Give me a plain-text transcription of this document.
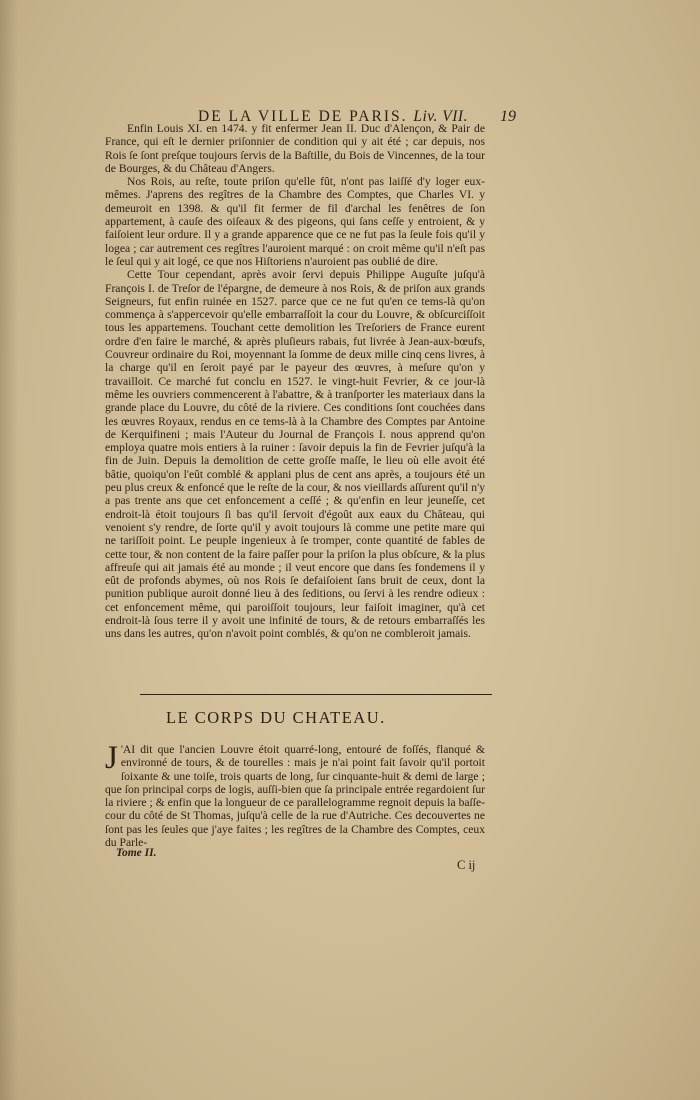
DE LA VILLE DE PARIS. Liv. VII.	19

Enfin Louis XI. en 1474. y fit enfermer Jean II. Duc d'Alençon, & Pair de France, qui eſt le dernier priſonnier de condition qui y ait été ; car depuis, nos Rois ſe ſont preſque toujours ſervis de la Baſtille, du Bois de Vincennes, de la tour de Bourges, & du Château d'Angers.

Nos Rois, au reſte, toute priſon qu'elle fût, n'ont pas laiſſé d'y loger eux-mêmes. J'aprens des regîtres de la Chambre des Comptes, que Charles VI. y demeuroit en 1398. & qu'il fit fermer de fil d'archal les fenêtres de ſon appartement, à cauſe des oiſeaux & des pigeons, qui ſans ceſſe y entroient, & y faiſoient leur ordure. Il y a grande apparence que ce ne fut pas la ſeule fois qu'il y logea ; car autrement ces regîtres l'auroient marqué : on croit même qu'il n'eſt pas le ſeul qui y ait logé, ce que nos Hiſtoriens n'auroient pas oublié de dire.

Cette Tour cependant, après avoir ſervi depuis Philippe Auguſte juſqu'à François I. de Treſor de l'épargne, de demeure à nos Rois, & de priſon aux grands Seigneurs, fut enfin ruinée en 1527. parce que ce ne fut qu'en ce tems-là qu'on commença à s'appercevoir qu'elle embarraſſoit la cour du Louvre, & obſcurciſſoit tous les appartemens. Touchant cette demolition les Treſoriers de France eurent ordre d'en faire le marché, & après pluſieurs rabais, fut livrée à Jean-aux-bœufs, Couvreur ordinaire du Roi, moyennant la ſomme de deux mille cinq cens livres, à la charge qu'il en ſeroit payé par le payeur des œuvres, à meſure qu'on y travailloit. Ce marché fut conclu en 1527. le vingt-huit Fevrier, & ce jour-là même les ouvriers commencerent à l'abattre, & à tranſporter les materiaux dans la grande place du Louvre, du côté de la riviere. Ces conditions ſont couchées dans les œuvres Royaux, rendus en ce tems-là à la Chambre des Comptes par Antoine de Kerquifineni ; mais l'Auteur du Journal de François I. nous apprend qu'on employa quatre mois entiers à la ruiner : ſavoir depuis la fin de Fevrier juſqu'à la fin de Juin. Depuis la demolition de cette groſſe maſſe, le lieu où elle avoit été bâtie, quoiqu'on l'eût comblé & applani plus de cent ans après, a toujours été un peu plus creux & enfoncé que le reſte de la cour, & nos vieillards aſſurent qu'il n'y a pas trente ans que cet enfoncement a ceſſé ; & qu'enfin en leur jeuneſſe, cet endroit-là étoit toujours ſi bas qu'il ſervoit d'égoût aux eaux du Château, qui venoient s'y rendre, de ſorte qu'il y avoit toujours là comme une petite mare qui ne tariſſoit point. Le peuple ingenieux à ſe tromper, conte quantité de fables de cette tour, & non content de la faire paſſer pour la priſon la plus obſcure, & la plus affreuſe qui ait jamais été au monde ; il veut encore que dans ſes fondemens il y eût de profonds abymes, où nos Rois ſe defaiſoient ſans bruit de ceux, dont la punition publique auroit donné lieu à des ſeditions, ou ſervi à les rendre odieux : cet enfoncement même, qui paroiſſoit toujours, leur faiſoit imaginer, qu'à cet endroit-là ſous terre il y avoit une infinité de tours, & de retours embarraſſés les uns dans les autres, qu'on n'avoit point comblés, & qu'on ne combleroit jamais.

LE CORPS DU CHATEAU.

J 'AI dit que l'ancien Louvre étoit quarré-long, entouré de foſſés, flanqué & environné de tours, & de tourelles : mais je n'ai point fait ſavoir qu'il portoit ſoixante & une toiſe, trois quarts de long, ſur cinquante-huit & demi de large ; que ſon principal corps de logis, auſſi-bien que ſa principale entrée regardoient ſur la riviere ; & enfin que la longueur de ce parallelogramme regnoit depuis la baſſe-cour du côté de St Thomas, juſqu'à celle de la rue d'Autriche. Ces decouvertes ne ſont pas les ſeules que j'aye faites ; les regîtres de la Chambre des Comptes, ceux du Parle-

Tome II.
C ij
